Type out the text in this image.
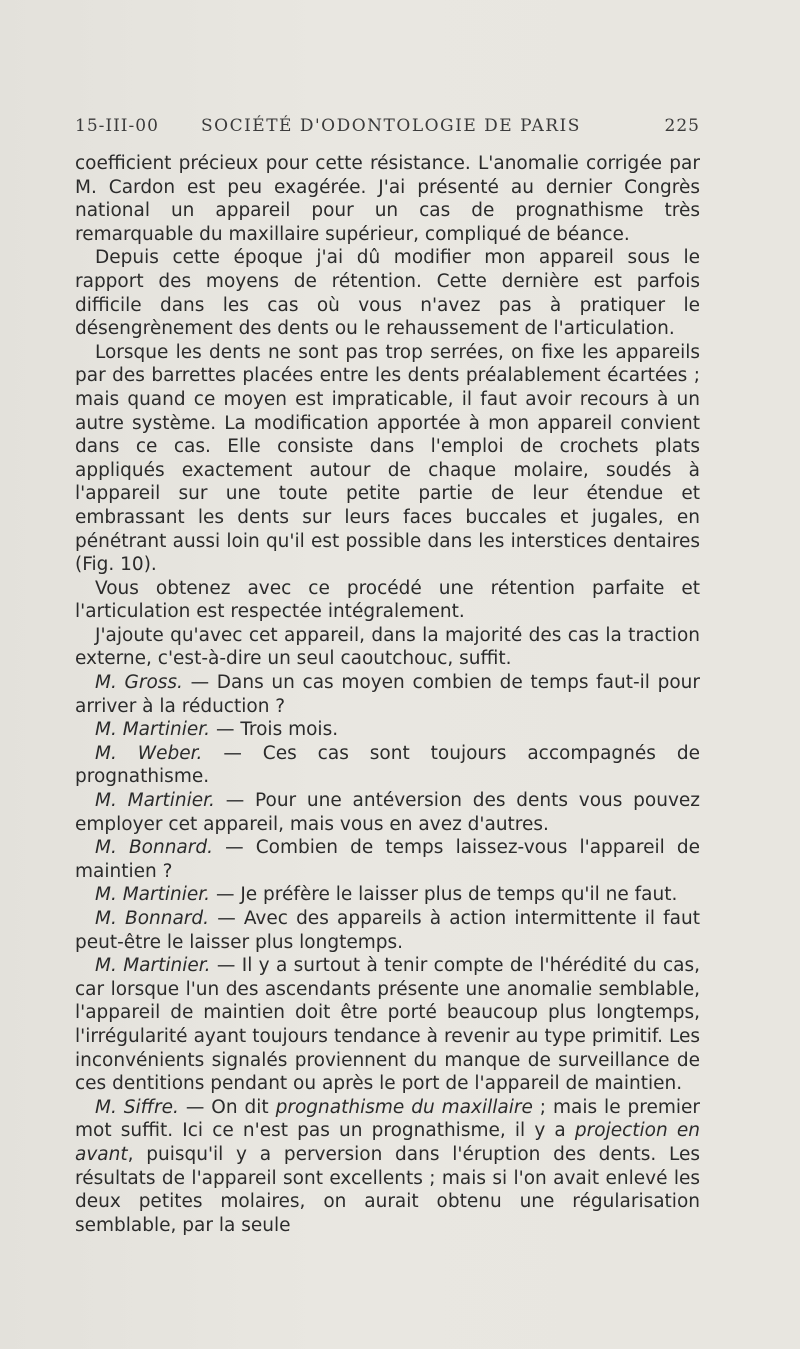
15-III-00 SOCIÉTÉ D'ODONTOLOGIE DE PARIS	225

coefficient précieux pour cette résistance. L'anomalie corrigée par M. Cardon est peu exagérée. J'ai présenté au dernier Congrès national un appareil pour un cas de prognathisme très remarquable du maxillaire supérieur, compliqué de béance.

Depuis cette époque j'ai dû modifier mon appareil sous le rapport des moyens de rétention. Cette dernière est parfois difficile dans les cas où vous n'avez pas à pratiquer le désengrènement des dents ou le rehaussement de l'articulation.

Lorsque les dents ne sont pas trop serrées, on fixe les appareils par des barrettes placées entre les dents préalablement écartées ; mais quand ce moyen est impraticable, il faut avoir recours à un autre système. La modification apportée à mon appareil convient dans ce cas. Elle consiste dans l'emploi de crochets plats appliqués exactement autour de chaque molaire, soudés à l'appareil sur une toute petite partie de leur étendue et embrassant les dents sur leurs faces buccales et jugales, en pénétrant aussi loin qu'il est possible dans les interstices dentaires (Fig. 10).

Vous obtenez avec ce procédé une rétention parfaite et l'articulation est respectée intégralement.

J'ajoute qu'avec cet appareil, dans la majorité des cas la traction externe, c'est-à-dire un seul caoutchouc, suffit.

M. Gross. — Dans un cas moyen combien de temps faut-il pour arriver à la réduction ?

M. Martinier. — Trois mois.

M. Weber. — Ces cas sont toujours accompagnés de prognathisme.

M. Martinier. — Pour une antéversion des dents vous pouvez employer cet appareil, mais vous en avez d'autres.

M. Bonnard. — Combien de temps laissez-vous l'appareil de maintien ?

M. Martinier. — Je préfère le laisser plus de temps qu'il ne faut.

M. Bonnard. — Avec des appareils à action intermittente il faut peut-être le laisser plus longtemps.

M. Martinier. — Il y a surtout à tenir compte de l'hérédité du cas, car lorsque l'un des ascendants présente une anomalie semblable, l'appareil de maintien doit être porté beaucoup plus longtemps, l'irrégularité ayant toujours tendance à revenir au type primitif. Les inconvénients signalés proviennent du manque de surveillance de ces dentitions pendant ou après le port de l'appareil de maintien.

M. Siffre. — On dit prognathisme du maxillaire ; mais le premier mot suffit. Ici ce n'est pas un prognathisme, il y a projection en avant, puisqu'il y a perversion dans l'éruption des dents. Les résultats de l'appareil sont excellents ; mais si l'on avait enlevé les deux petites molaires, on aurait obtenu une régularisation semblable, par la seule
